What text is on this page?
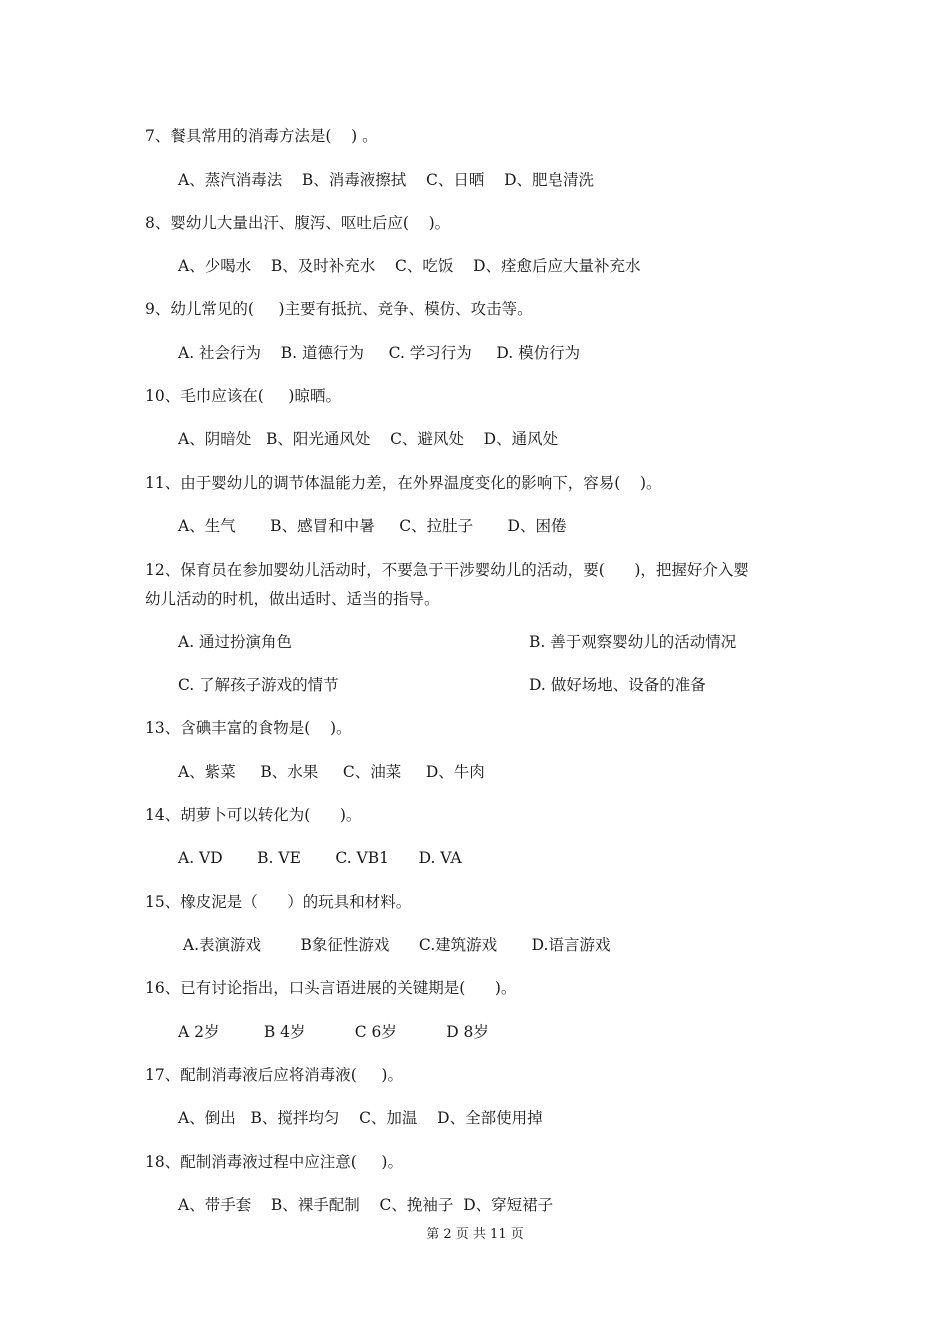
7、餐具常用的消毒方法是(    ) 。
A、蒸汽消毒法    B、消毒液擦拭    C、日晒    D、肥皂清洗
8、婴幼儿大量出汗、腹泻、呕吐后应(    )。
A、少喝水    B、及时补充水    C、吃饭    D、痊愈后应大量补充水
9、幼儿常见的(     )主要有抵抗、竞争、模仿、攻击等。
A. 社会行为    B. 道德行为     C. 学习行为     D. 模仿行为
10、毛巾应该在(     )晾晒。
A、阴暗处   B、阳光通风处    C、避风处    D、通风处
11、由于婴幼儿的调节体温能力差，在外界温度变化的影响下，容易(    )。
A、生气       B、感冒和中暑     C、拉肚子       D、困倦
12、保育员在参加婴幼儿活动时，不要急于干涉婴幼儿的活动，要(      )，把握好介入婴
幼儿活动的时机，做出适时、适当的指导。
A. 通过扮演角色	B. 善于观察婴幼儿的活动情况
C. 了解孩子游戏的情节	D. 做好场地、设备的准备
13、含碘丰富的食物是(    )。
A、紫菜     B、水果     C、油菜     D、牛肉
14、胡萝卜可以转化为(      )。
A. VD       B. VE       C. VB1      D. VA
15、橡皮泥是（      ）的玩具和材料。
A.表演游戏        B象征性游戏      C.建筑游戏       D.语言游戏
16、已有讨论指出，口头言语进展的关键期是(      )。
A 2岁         B 4岁          C 6岁          D 8岁
17、配制消毒液后应将消毒液(     )。
A、倒出   B、搅拌均匀    C、加温    D、全部使用掉
18、配制消毒液过程中应注意(     )。
A、带手套    B、裸手配制    C、挽袖子  D、穿短裙子
第 2 页 共 11 页
